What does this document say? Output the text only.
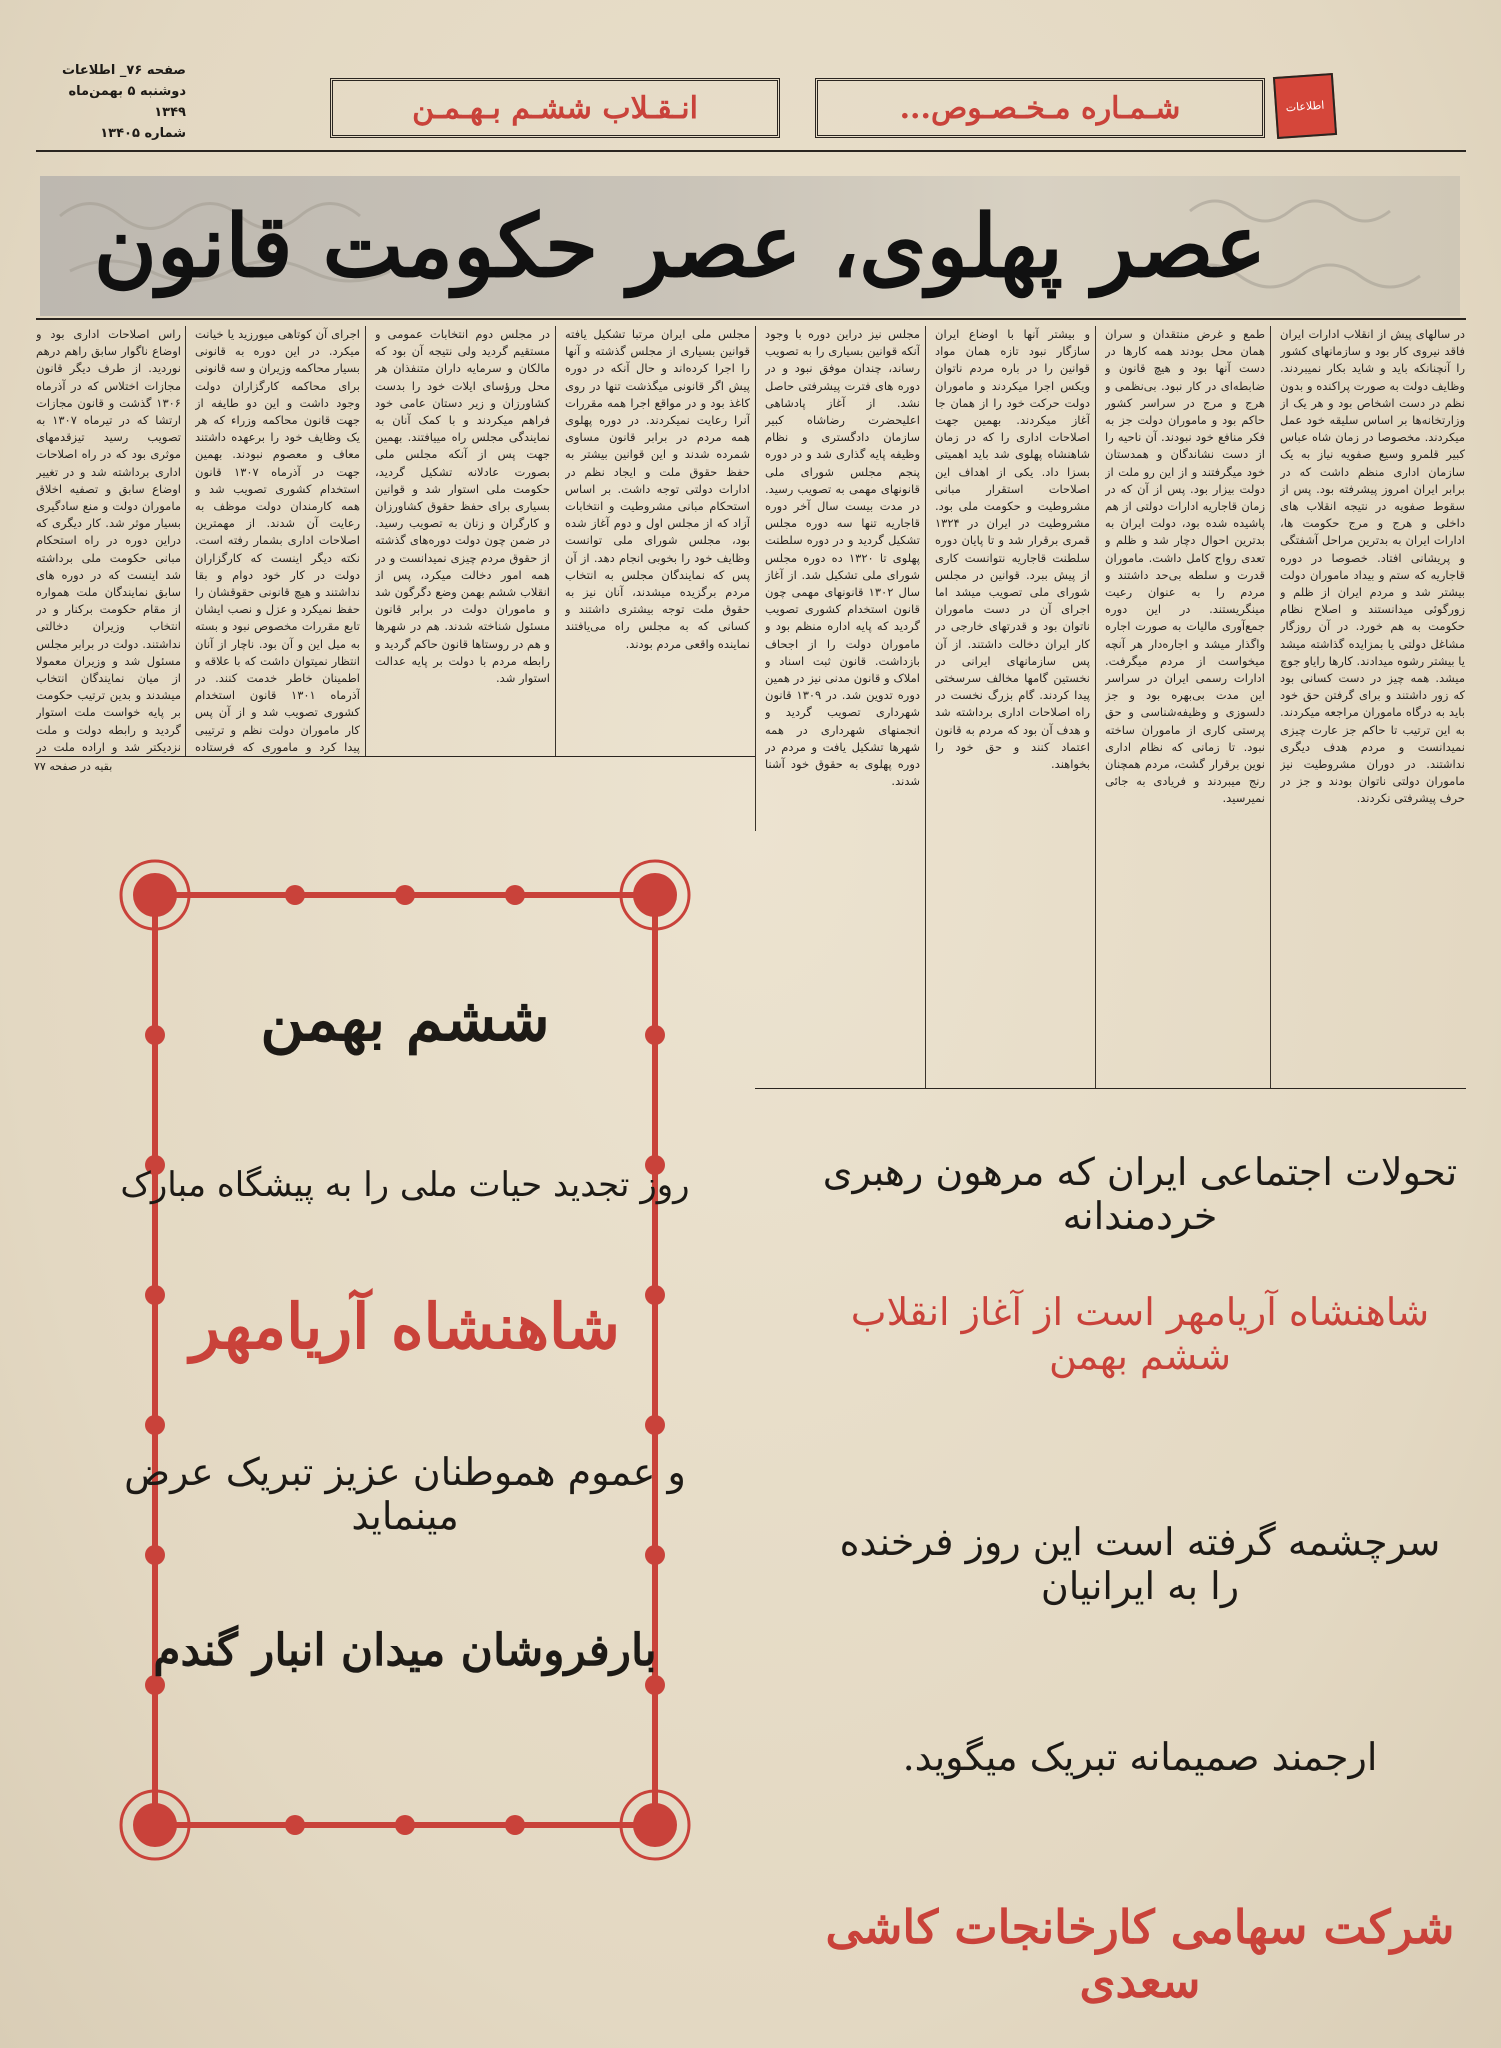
صفحه ۷۶_ اطلاعات
دوشنبه ۵ بهمن‌ماه ۱۳۴۹
شماره ۱۳۴۰۵
انـقـلاب ششـم بـهـمـن	شـمـاره مـخـصـوص...	اطلاعات
عصر پهلوی، عصر حکومت قانون

در سالهای پیش از انقلاب ادارات ایران فاقد نیروی کار بود و سازمانهای کشور را آنچنانکه باید و شاید بکار نمیبردند. وظایف دولت به صورت پراکنده و بدون نظم در دست اشخاص بود و هر یک از وزارتخانه‌ها بر اساس سلیقه خود عمل میکردند. مخصوصا در زمان شاه عباس کبیر قلمرو وسیع صفویه نیاز به یک سازمان اداری منظم داشت که در برابر ایران امروز پیشرفته بود. پس از سقوط صفویه در نتیجه انقلاب های داخلی و هرج و مرج حکومت ها، ادارات ایران به بدترین مراحل آشفتگی و پریشانی افتاد. خصوصا در دوره قاجاریه که ستم و بیداد ماموران دولت بیشتر شد و مردم ایران از ظلم و زورگوئی میدانستند و اصلاح نظام حکومت به هم خورد. در آن روزگار مشاغل دولتی یا بمزایده گذاشته میشد یا بیشتر رشوه میدادند. کارها رایاو جوچ میشد. همه چیز در دست کسانی بود که زور داشتند و برای گرفتن حق خود باید به درگاه ماموران مراجعه میکردند. به این ترتیب تا حاکم جز عارت چیزی نمیدانست و مردم هدف دیگری نداشتند. در دوران مشروطیت نیز ماموران دولتی ناتوان بودند و جز در حرف پیشرفتی نکردند.

طمع و غرض منتقدان و سران همان محل بودند همه کارها در دست آنها بود و هیچ قانون و ضابطه‌ای در کار نبود. بی‌نظمی و هرج و مرج در سراسر کشور حاکم بود و ماموران دولت جز به فکر منافع خود نبودند. آن ناحیه را از دست نشاندگان و همدستان خود میگرفتند و از این رو ملت از دولت بیزار بود. پس از آن که در زمان قاجاریه ادارات دولتی از هم پاشیده شده بود، دولت ایران به بدترین احوال دچار شد و ظلم و تعدی رواج کامل داشت. ماموران قدرت و سلطه بی‌حد داشتند و مردم را به عنوان رعیت مینگریستند. در این دوره جمع‌آوری مالیات به صورت اجاره واگذار میشد و اجاره‌دار هر آنچه میخواست از مردم میگرفت. ادارات رسمی ایران در سراسر این مدت بی‌بهره بود و جز دلسوزی و وظیفه‌شناسی و حق پرستی کاری از ماموران ساخته نبود. تا زمانی که نظام اداری نوین برقرار گشت، مردم همچنان رنج میبردند و فریادی به جائی نمیرسید.

و بیشتر آنها با اوضاع ایران سازگار نبود تازه همان مواد قوانین را در باره مردم ناتوان ویکس اجرا میکردند و ماموران دولت حرکت خود را از همان جا آغاز میکردند. بهمین جهت اصلاحات اداری را که در زمان شاهنشاه پهلوی شد باید اهمیتی بسزا داد. یکی از اهداف این اصلاحات استقرار مبانی مشروطیت و حکومت ملی بود. مشروطیت در ایران در ۱۳۲۴ قمری برقرار شد و تا پایان دوره سلطنت قاجاریه نتوانست کاری از پیش ببرد. قوانین در مجلس شورای ملی تصویب میشد اما اجرای آن در دست ماموران ناتوان بود و قدرتهای خارجی در کار ایران دخالت داشتند. از آن پس سازمانهای ایرانی در نخستین گامها مخالف سرسختی پیدا کردند. گام بزرگ نخست در راه اصلاحات اداری برداشته شد و هدف آن بود که مردم به قانون اعتماد کنند و حق خود را بخواهند.

مجلس نیز دراین دوره با وجود آنکه قوانین بسیاری را به تصویب رساند، چندان موفق نبود و در دوره های فترت پیشرفتی حاصل نشد. از آغاز پادشاهی اعلیحضرت رضاشاه کبیر سازمان دادگستری و نظام وظیفه پایه گذاری شد و در دوره پنجم مجلس شورای ملی قانونهای مهمی به تصویب رسید. در مدت بیست سال آخر دوره قاجاریه تنها سه دوره مجلس تشکیل گردید و در دوره سلطنت پهلوی تا ۱۳۲۰ ده دوره مجلس شورای ملی تشکیل شد. از آغاز سال ۱۳۰۲ قانونهای مهمی چون قانون استخدام کشوری تصویب گردید که پایه اداره منظم بود و ماموران دولت را از اجحاف بازداشت. قانون ثبت اسناد و املاک و قانون مدنی نیز در همین دوره تدوین شد. در ۱۳۰۹ قانون شهرداری تصویب گردید و انجمنهای شهرداری در همه شهرها تشکیل یافت و مردم در دوره پهلوی به حقوق خود آشنا شدند.

مجلس ملی ایران مرتبا تشکیل یافته قوانین بسیاری از مجلس گذشته و آنها را اجرا کرده‌اند و حال آنکه در دوره پیش اگر قانونی میگذشت تنها در روی کاغذ بود و در مواقع اجرا همه مقررات آنرا رعایت نمیکردند. در دوره پهلوی همه مردم در برابر قانون مساوی شمرده شدند و این قوانین بیشتر به حفظ حقوق ملت و ایجاد نظم در ادارات دولتی توجه داشت. بر اساس استحکام مبانی مشروطیت و انتخابات آزاد که از مجلس اول و دوم آغاز شده بود، مجلس شورای ملی توانست وظایف خود را بخوبی انجام دهد. از آن پس که نمایندگان مجلس به انتخاب مردم برگزیده میشدند، آنان نیز به حقوق ملت توجه بیشتری داشتند و کسانی که به مجلس راه می‌یافتند نماینده واقعی مردم بودند.

در مجلس دوم انتخابات عمومی و مستقیم گردید ولی نتیجه آن بود که مالکان و سرمایه داران متنفذان هر محل ورؤسای ایلات خود را بدست کشاورزان و زیر دستان عامی خود فراهم میکردند و با کمک آنان به نمایندگی مجلس راه مییافتند. بهمین جهت پس از آنکه مجلس ملی بصورت عادلانه تشکیل گردید، حکومت ملی استوار شد و قوانین بسیاری برای حفظ حقوق کشاورزان و کارگران و زنان به تصویب رسید. در ضمن چون دولت دوره‌های گذشته از حقوق مردم چیزی نمیدانست و در همه امور دخالت میکرد، پس از انقلاب ششم بهمن وضع دگرگون شد و ماموران دولت در برابر قانون مسئول شناخته شدند. هم در شهرها و هم در روستاها قانون حاکم گردید و رابطه مردم با دولت بر پایه عدالت استوار شد.

اجرای آن کوتاهی میورزید یا خیانت میکرد. در این دوره به قانونی بسیار محاکمه وزیران و سه قانونی برای محاکمه کارگزاران دولت وجود داشت و این دو طایفه از جهت قانون محاکمه وزراء که هر یک وظایف خود را برعهده داشتند معاف و معصوم نبودند. بهمین جهت در آذرماه ۱۳۰۷ قانون استخدام کشوری تصویب شد و همه کارمندان دولت موظف به رعایت آن شدند. از مهمترین اصلاحات اداری بشمار رفته است. نکته دیگر اینست که کارگزاران دولت در کار خود دوام و بقا نداشتند و هیچ قانونی حقوقشان را حفظ نمیکرد و عزل و نصب ایشان تابع مقررات مخصوص نبود و بسته به میل این و آن بود. ناچار از آنان انتظار نمیتوان داشت که با علاقه و اطمینان خاطر خدمت کنند. در آذرماه ۱۳۰۱ قانون استخدام کشوری تصویب شد و از آن پس کار ماموران دولت نظم و ترتیبی پیدا کرد و ماموری که فرستاده

راس اصلاحات اداری بود و اوضاع ناگوار سابق راهم درهم نوردید. از طرف دیگر قانون مجازات اختلاس که در آذرماه ۱۳۰۶ گذشت و قانون مجازات ارتشا که در تیرماه ۱۳۰۷ به تصویب رسید تیزقدمهای موثری بود که در راه اصلاحات اداری برداشته شد و در تغییر اوضاع سابق و تصفیه اخلاق ماموران دولت و منع سادگیری بسیار موثر شد. کار دیگری که دراین دوره در راه استحکام مبانی حکومت ملی برداشته شد اینست که در دوره های سابق نمایندگان ملت همواره از مقام حکومت برکنار و در انتخاب وزیران دخالتی نداشتند. دولت در برابر مجلس مسئول شد و وزیران معمولا از میان نمایندگان انتخاب میشدند و بدین ترتیب حکومت بر پایه خواست ملت استوار گردید و رابطه دولت و ملت نزدیکتر شد و اراده ملت در

بقیه در صفحه ۷۷
ششم بهمن
روز تجدید حیات ملی را به پیشگاه مبارک
شاهنشاه آریامهر
و عموم هموطنان عزیز تبریک عرض مینماید
بارفروشان میدان انبار گندم
تحولات اجتماعی ایران که مرهون رهبری خردمندانه
شاهنشاه آریامهر است از آغاز انقلاب ششم بهمن
سرچشمه گرفته است این روز فرخنده را به ایرانیان
ارجمند صمیمانه تبریک میگوید.
شرکت سهامی کارخانجات کاشی سعدی
